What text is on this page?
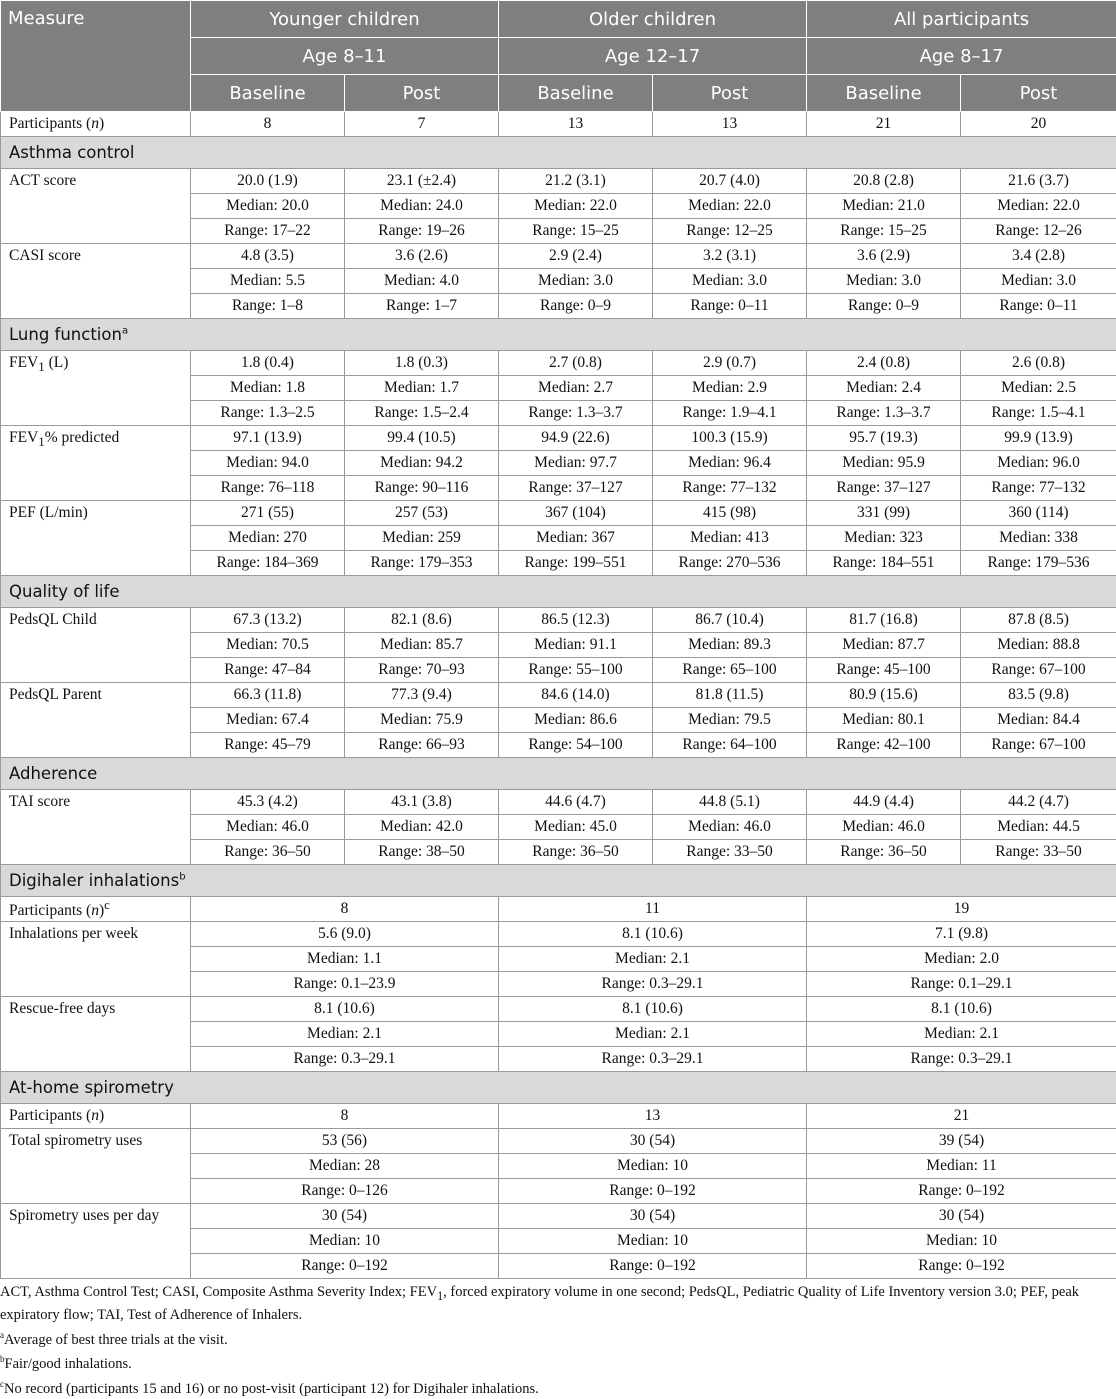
Measure	Younger children		Older children		All participants	
	Age 8–11		Age 12–17		Age 8–17	
	Baseline	Post	Baseline	Post	Baseline	Post
Participants (n)	8	7	13	13	21	20
Asthma control						
ACT score	20.0 (1.9)	23.1 (±2.4)	21.2 (3.1)	20.7 (4.0)	20.8 (2.8)	21.6 (3.7)
	Median: 20.0	Median: 24.0	Median: 22.0	Median: 22.0	Median: 21.0	Median: 22.0
	Range: 17–22	Range: 19–26	Range: 15–25	Range: 12–25	Range: 15–25	Range: 12–26
CASI score	4.8 (3.5)	3.6 (2.6)	2.9 (2.4)	3.2 (3.1)	3.6 (2.9)	3.4 (2.8)
	Median: 5.5	Median: 4.0	Median: 3.0	Median: 3.0	Median: 3.0	Median: 3.0
	Range: 1–8	Range: 1–7	Range: 0–9	Range: 0–11	Range: 0–9	Range: 0–11
Lung function$^a$
$FEV_1$ (L)	1.8 (0.4)	1.8 (0.3)	2.7 (0.8)	2.9 (0.7)	2.4 (0.8)	2.6 (0.8)
	Median: 1.8	Median: 1.7	Median: 2.7	Median: 2.9	Median: 2.4	Median: 2.5
	Range: 1.3–2.5	Range: 1.5–2.4	Range: 1.3–3.7	Range: 1.9–4.1	Range: 1.3–3.7	Range: 1.5–4.1
$FEV_1\%$ predicted	97.1 (13.9)	99.4 (10.5)	94.9 (22.6)	100.3 (15.9)	95.7 (19.3)	99.9 (13.9)
	Median: 94.0	Median: 94.2	Median: 97.7	Median: 96.4	Median: 95.9	Median: 96.0
	Range: 76–118	Range: 90–116	Range: 37–127	Range: 77–132	Range: 37–127	Range: 77–132
PEF (L/min)	271 (55)	257 (53)	367 (104)	415 (98)	331 (99)	360 (114)
	Median: 270	Median: 259	Median: 367	Median: 413	Median: 323	Median: 338
	Range: 184–369	Range: 179–353	Range: 199–551	Range: 270–536	Range: 184–551	Range: 179–536
Quality of life						
PedsQL Child	67.3 (13.2)	82.1 (8.6)	86.5 (12.3)	86.7 (10.4)	81.7 (16.8)	87.8 (8.5)
	Median: 70.5	Median: 85.7	Median: 91.1	Median: 89.3	Median: 87.7	Median: 88.8
	Range: 47–84	Range: 70–93	Range: 55–100	Range: 65–100	Range: 45–100	Range: 67–100
PedsQL Parent	66.3 (11.8)	77.3 (9.4)	84.6 (14.0)	81.8 (11.5)	80.9 (15.6)	83.5 (9.8)
	Median: 67.4	Median: 75.9	Median: 86.6	Median: 79.5	Median: 80.1	Median: 84.4
	Range: 45–79	Range: 66–93	Range: 54–100	Range: 64–100	Range: 42–100	Range: 67–100
Adherence						
TAI score	45.3 (4.2)	43.1 (3.8)	44.6 (4.7)	44.8 (5.1)	44.9 (4.4)	44.2 (4.7)
	Median: 46.0	Median: 42.0	Median: 45.0	Median: 46.0	Median: 46.0	Median: 44.5
	Range: 36–50	Range: 38–50	Range: 36–50	Range: 33–50	Range: 36–50	Range: 33–50
Digihaler inhalations$^b$
Participants $(n)^c$	8		11		19	
Inhalations per week	5.6 (9.0)		8.1 (10.6)		7.1 (9.8)	
	Median: 1.1		Median: 2.1		Median: 2.0	
	Range: 0.1–23.9		Range: 0.3–29.1		Range: 0.1–29.1	
Rescue-free days	8.1 (10.6)		8.1 (10.6)		8.1 (10.6)	
	Median: 2.1		Median: 2.1		Median: 2.1	
	Range: 0.3–29.1		Range: 0.3–29.1		Range: 0.3–29.1	
At-home spirometry						
Participants (n)	8		13		21	
Total spirometry uses	53 (56)		30 (54)		39 (54)	
	Median: 28		Median: 10		Median: 11	
	Range: 0–126		Range: 0–192		Range: 0–192	
Spirometry uses per day	30 (54)		30 (54)		30 (54)	
	Median: 10		Median: 10		Median: 10	
	Range: 0–192		Range: 0–192		Range: 0–192	

ACT, Asthma Control Test; CASI, Composite Asthma Severity Index; $FEV_1$, forced expiratory volume in one second; PedsQL, Pediatric Quality of Life Inventory version 3.0; PEF, peak expiratory flow; TAI, Test of Adherence of Inhalers.

$^a$Average of best three trials at the visit.

$^b$Fair/good inhalations.

$^c$No record (participants 15 and 16) or no post-visit (participant 12) for Digihaler inhalations.
